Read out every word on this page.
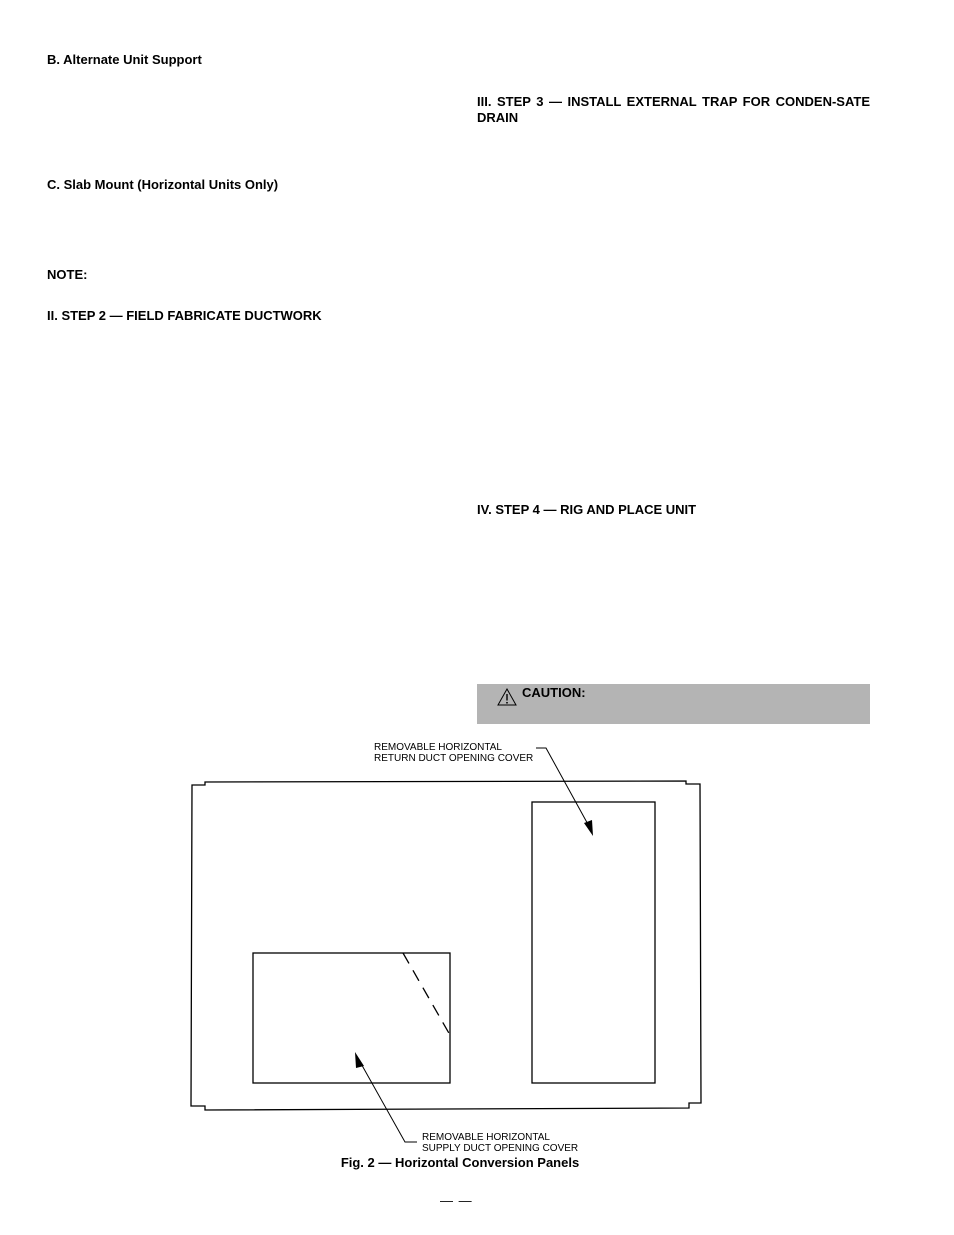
B. Alternate Unit Support

C. Slab Mount (Horizontal Units Only)

NOTE:

II. STEP 2 — FIELD FABRICATE DUCTWORK

III. STEP 3 — INSTALL EXTERNAL TRAP FOR CONDEN-SATE DRAIN

IV. STEP 4 — RIG AND PLACE UNIT

CAUTION:
REMOVABLE HORIZONTAL
RETURN DUCT OPENING COVER
REMOVABLE HORIZONTAL
SUPPLY DUCT OPENING COVER
Fig. 2 — Horizontal Conversion Panels
— —
